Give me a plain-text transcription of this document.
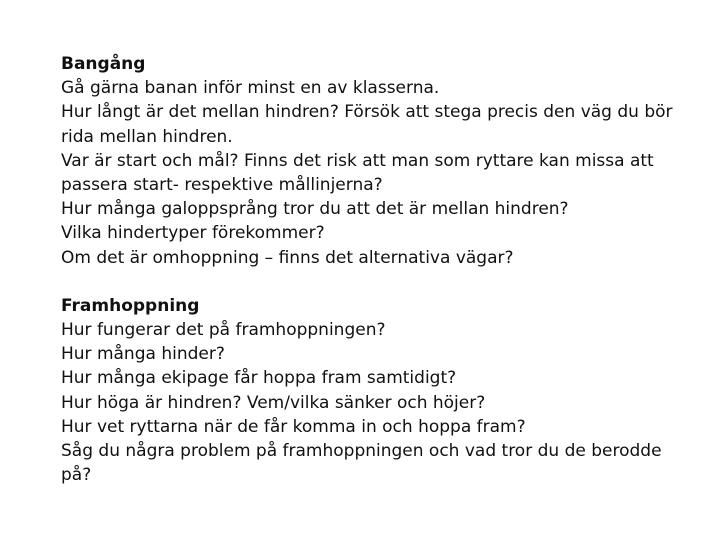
Bangång
Gå gärna banan inför minst en av klasserna.
Hur långt är det mellan hindren? Försök att stega precis den väg du bör
rida mellan hindren.
Var är start och mål? Finns det risk att man som ryttare kan missa att
passera start- respektive mållinjerna?
Hur många galoppsprång tror du att det är mellan hindren?
Vilka hindertyper förekommer?
Om det är omhoppning – finns det alternativa vägar?
Framhoppning
Hur fungerar det på framhoppningen?
Hur många hinder?
Hur många ekipage får hoppa fram samtidigt?
Hur höga är hindren? Vem/vilka sänker och höjer?
Hur vet ryttarna när de får komma in och hoppa fram?
Såg du några problem på framhoppningen och vad tror du de berodde
på?
